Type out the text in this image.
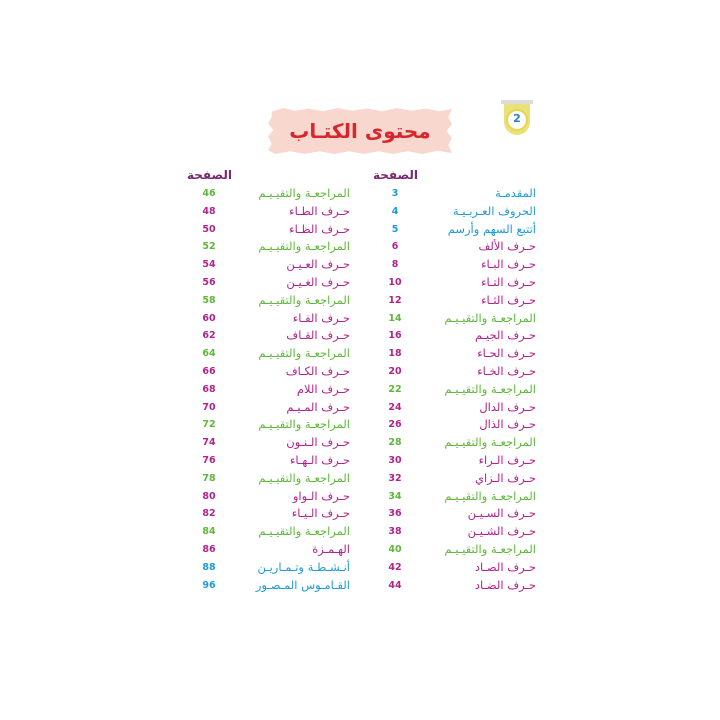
2
محتوى الكتـاب
الصفحة
الصفحة
3	المقدمـة
4	الحروف العـربـيـة
5	أتتبع السهم وأرسم
6	حـرف الألف
8	حـرف البـاء
10	حـرف التـاء
12	حـرف الثـاء
14	المراجعـة والتقيـيـم
16	حـرف الجيـم
18	حـرف الحـاء
20	حـرف الخـاء
22	المراجعـة والتقيـيـم
24	حـرف الدال
26	حـرف الذال
28	المراجعـة والتقيـيـم
30	حـرف الـراء
32	حـرف الـزاي
34	المراجعـة والتقيـيـم
36	حـرف السـيـن
38	حـرف الشـيـن
40	المراجعـة والتقيـيـم
42	حـرف الصـاد
44	حـرف الضـاد
46	المراجعـة والتقيـيـم
48	حـرف الطـاء
50	حـرف الظـاء
52	المراجعـة والتقيـيـم
54	حـرف العـيـن
56	حـرف الغـيـن
58	المراجعـة والتقيـيـم
60	حـرف الفـاء
62	حـرف القـاف
64	المراجعـة والتقيـيـم
66	حـرف الكـاف
68	حـرف اللام
70	حـرف المـيـم
72	المراجعـة والتقيـيـم
74	حـرف الـنـون
76	حـرف الـهـاء
78	المراجعـة والتقيـيـم
80	حـرف الـواو
82	حـرف الـيـاء
84	المراجعـة والتقيـيـم
86	الهـمـزة
88	أنـشـطـة وتـمـاريـن
96	القـامـوس المـصـور
